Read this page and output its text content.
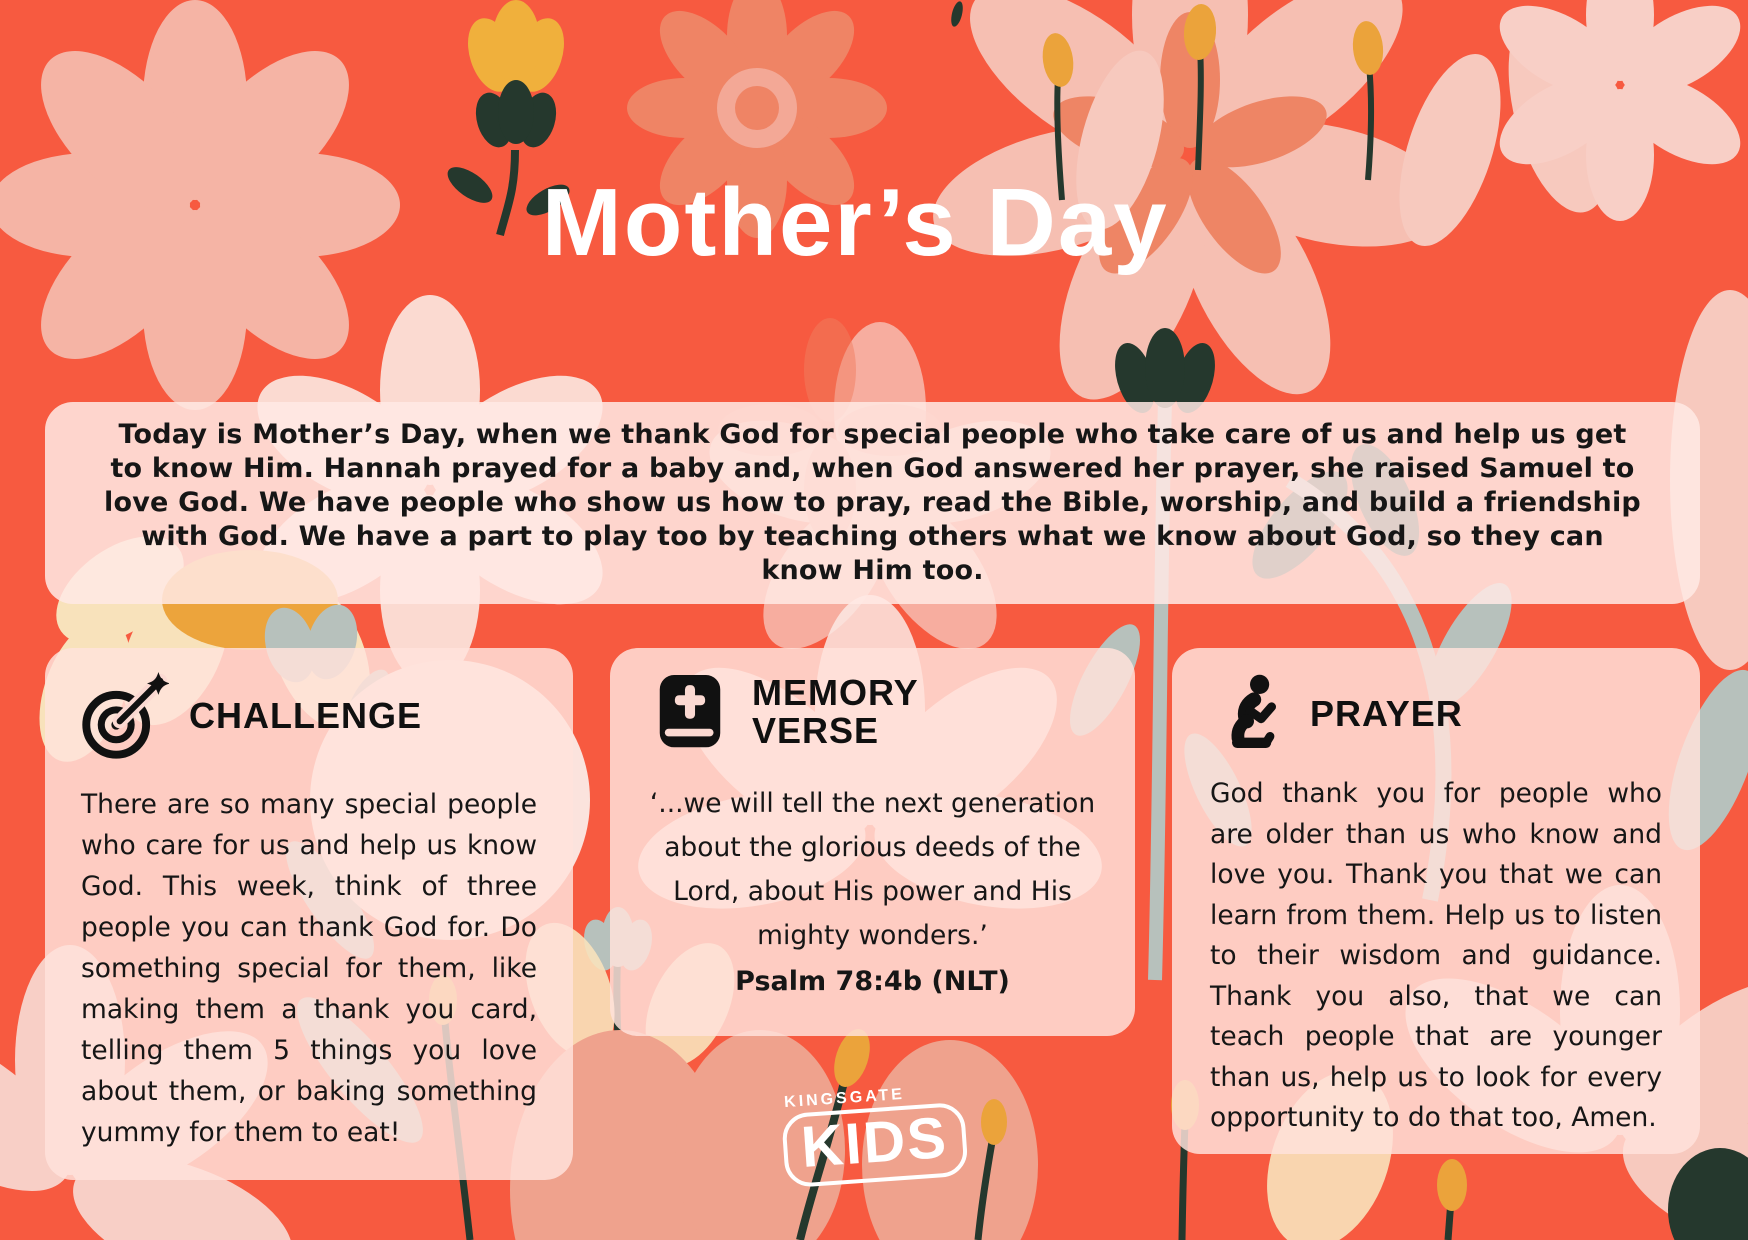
Mother’s Day

Today is Mother’s Day, when we thank God for special people who take care of us and help us get to know Him. Hannah prayed for a baby and, when God answered her prayer, she raised Samuel to love God. We have people who show us how to pray, read the Bible, worship, and build a friendship with God. We have a part to play too by teaching others what we know about God, so they can know Him too.

CHALLENGE

There are so many special people who care for us and help us know God. This week, think of three people you can thank God for. Do something special for them, like making them a thank you card, telling them 5 things you love about them, or baking something yummy for them to eat!

MEMORY
VERSE

‘...we will tell the next generation about the glorious deeds of the Lord, about His power and His mighty wonders.’

Psalm 78:4b (NLT)

PRAYER

God thank you for people who are older than us who know and love you. Thank you that we can learn from them. Help us to listen to their wisdom and guidance. Thank you also, that we can teach people that are younger than us, help us to look for every opportunity to do that too, Amen.

KINGSGATE
KIDS
